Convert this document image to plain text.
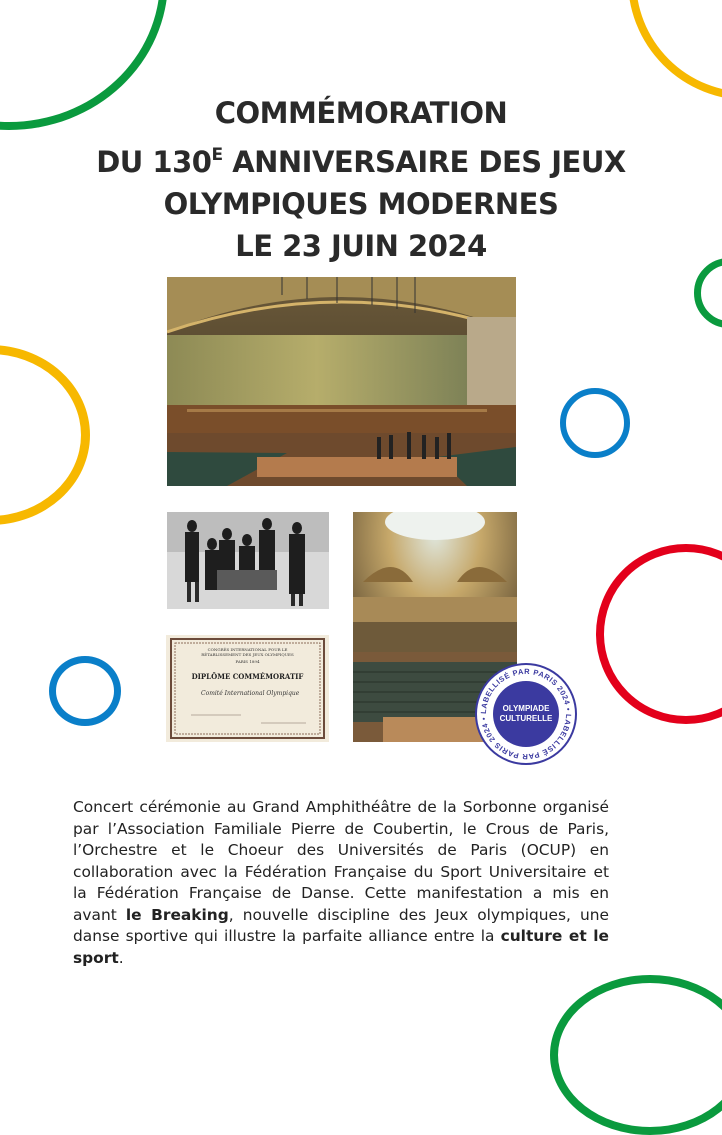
COMMÉMORATION
DU $130^E$ ANNIVERSAIRE DES JEUX
OLYMPIQUES MODERNES
LE 23 JUIN 2024
CONGRÈS INTERNATIONAL POUR LE RÉTABLISSEMENT DES JEUX OLYMPIQUES
PARIS 1894
DIPLÔME COMMÉMORATIF
Comité International Olympique
LABELLISÉ PAR PARIS 2024 • LABELLISÉ PAR PARIS 2024 •
OLYMPIADE
CULTURELLE
Concert cérémonie au Grand Amphithéâtre de la Sorbonne organisé par l’Association Familiale Pierre de Coubertin, le Crous de Paris, l’Orchestre et le Choeur des Universités de Paris (OCUP) en collaboration avec la Fédération Française du Sport Universitaire et la Fédération Française de Danse. Cette manifestation a mis en avant le Breaking, nouvelle discipline des Jeux olympiques, une danse sportive qui illustre la parfaite alliance entre la culture et le sport.
